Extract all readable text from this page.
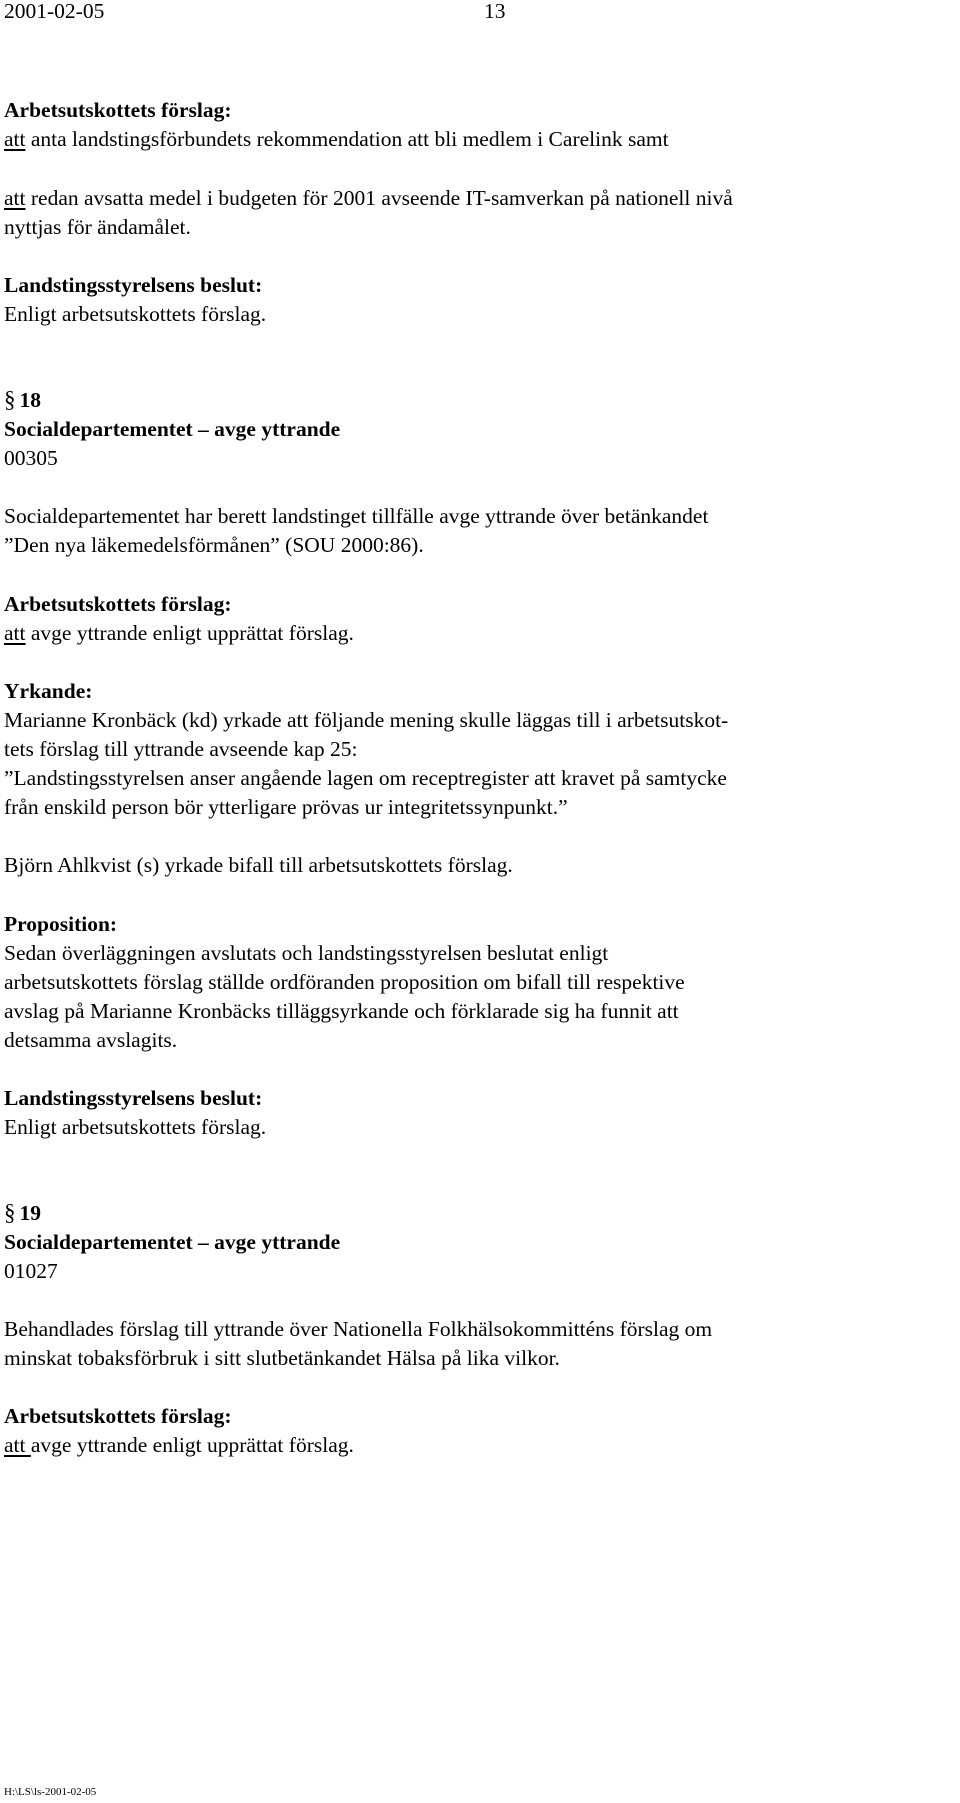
2001-02-05	13
Arbetsutskottets förslag:
att anta landstingsförbundets rekommendation att bli medlem i Carelink samt
att redan avsatta medel i budgeten för 2001 avseende IT-samverkan på nationell nivå
nyttjas för ändamålet.
Landstingsstyrelsens beslut:
Enligt arbetsutskottets förslag.
§ 18
Socialdepartementet – avge yttrande
00305
Socialdepartementet har berett landstinget tillfälle avge yttrande över betänkandet
”Den nya läkemedelsförmånen” (SOU 2000:86).
Arbetsutskottets förslag:
att avge yttrande enligt upprättat förslag.
Yrkande:
Marianne Kronbäck (kd) yrkade att följande mening skulle läggas till i arbetsutskot-
tets förslag till yttrande avseende kap 25:
”Landstingsstyrelsen anser angående lagen om receptregister att kravet på samtycke
från enskild person bör ytterligare prövas ur integritetssynpunkt.”
Björn Ahlkvist (s) yrkade bifall till arbetsutskottets förslag.
Proposition:
Sedan överläggningen avslutats och landstingsstyrelsen beslutat enligt
arbetsutskottets förslag ställde ordföranden proposition om bifall till respektive
avslag på Marianne Kronbäcks tilläggsyrkande och förklarade sig ha funnit att
detsamma avslagits.
Landstingsstyrelsens beslut:
Enligt arbetsutskottets förslag.
§ 19
Socialdepartementet – avge yttrande
01027
Behandlades förslag till yttrande över Nationella Folkhälsokommitténs förslag om
minskat tobaksförbruk i sitt slutbetänkandet Hälsa på lika vilkor.
Arbetsutskottets förslag:
att avge yttrande enligt upprättat förslag.
H:\LS\ls-2001-02-05
